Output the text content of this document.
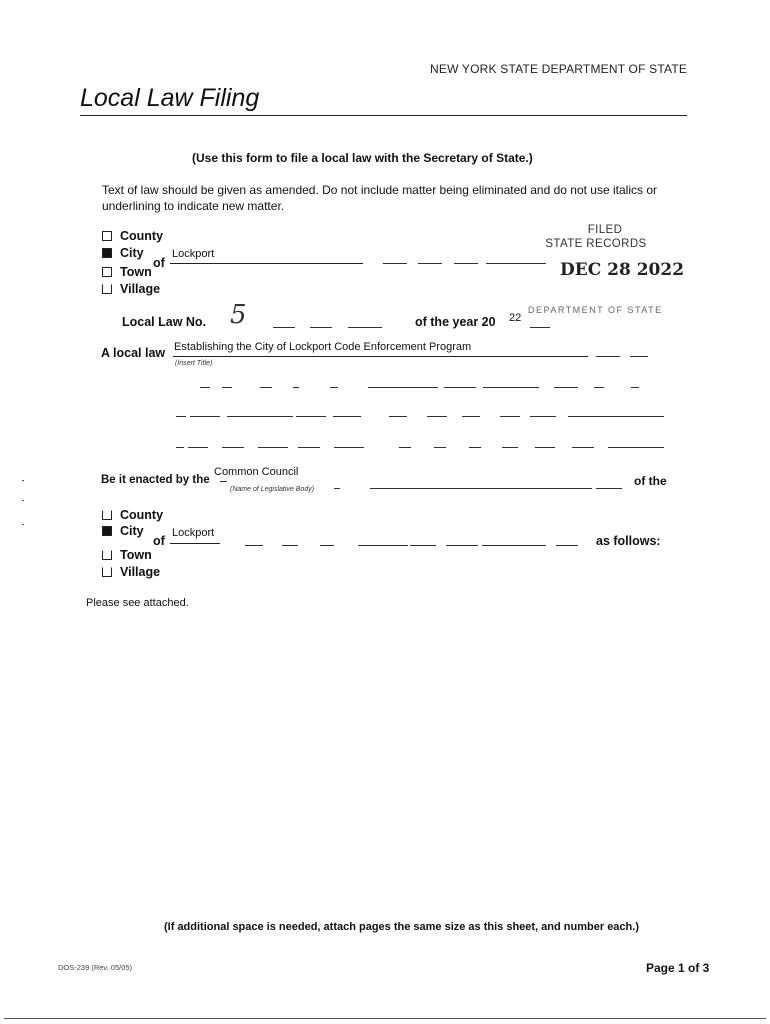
NEW YORK STATE DEPARTMENT OF STATE
Local Law Filing
(Use this form to file a local law with the Secretary of State.)
Text of law should be given as amended. Do not include matter being eliminated and do not use italics or underlining to indicate new matter.
County
City
Town
Village
of
Lockport
FILED
STATE RECORDS
DEC 28 2022
DEPARTMENT OF STATE
Local Law No. 5	of the year 20 22
A local law Establishing the City of Lockport Code Enforcement Program
(Insert Title)
Be it enacted by the
Common Council
(Name of Legislative Body)
of the
County
City
Town
Village
of
Lockport
as follows:
Please see attached.
(If additional space is needed, attach pages the same size as this sheet, and number each.)
DOS-239 (Rev. 05/05)	Page 1 of 3
